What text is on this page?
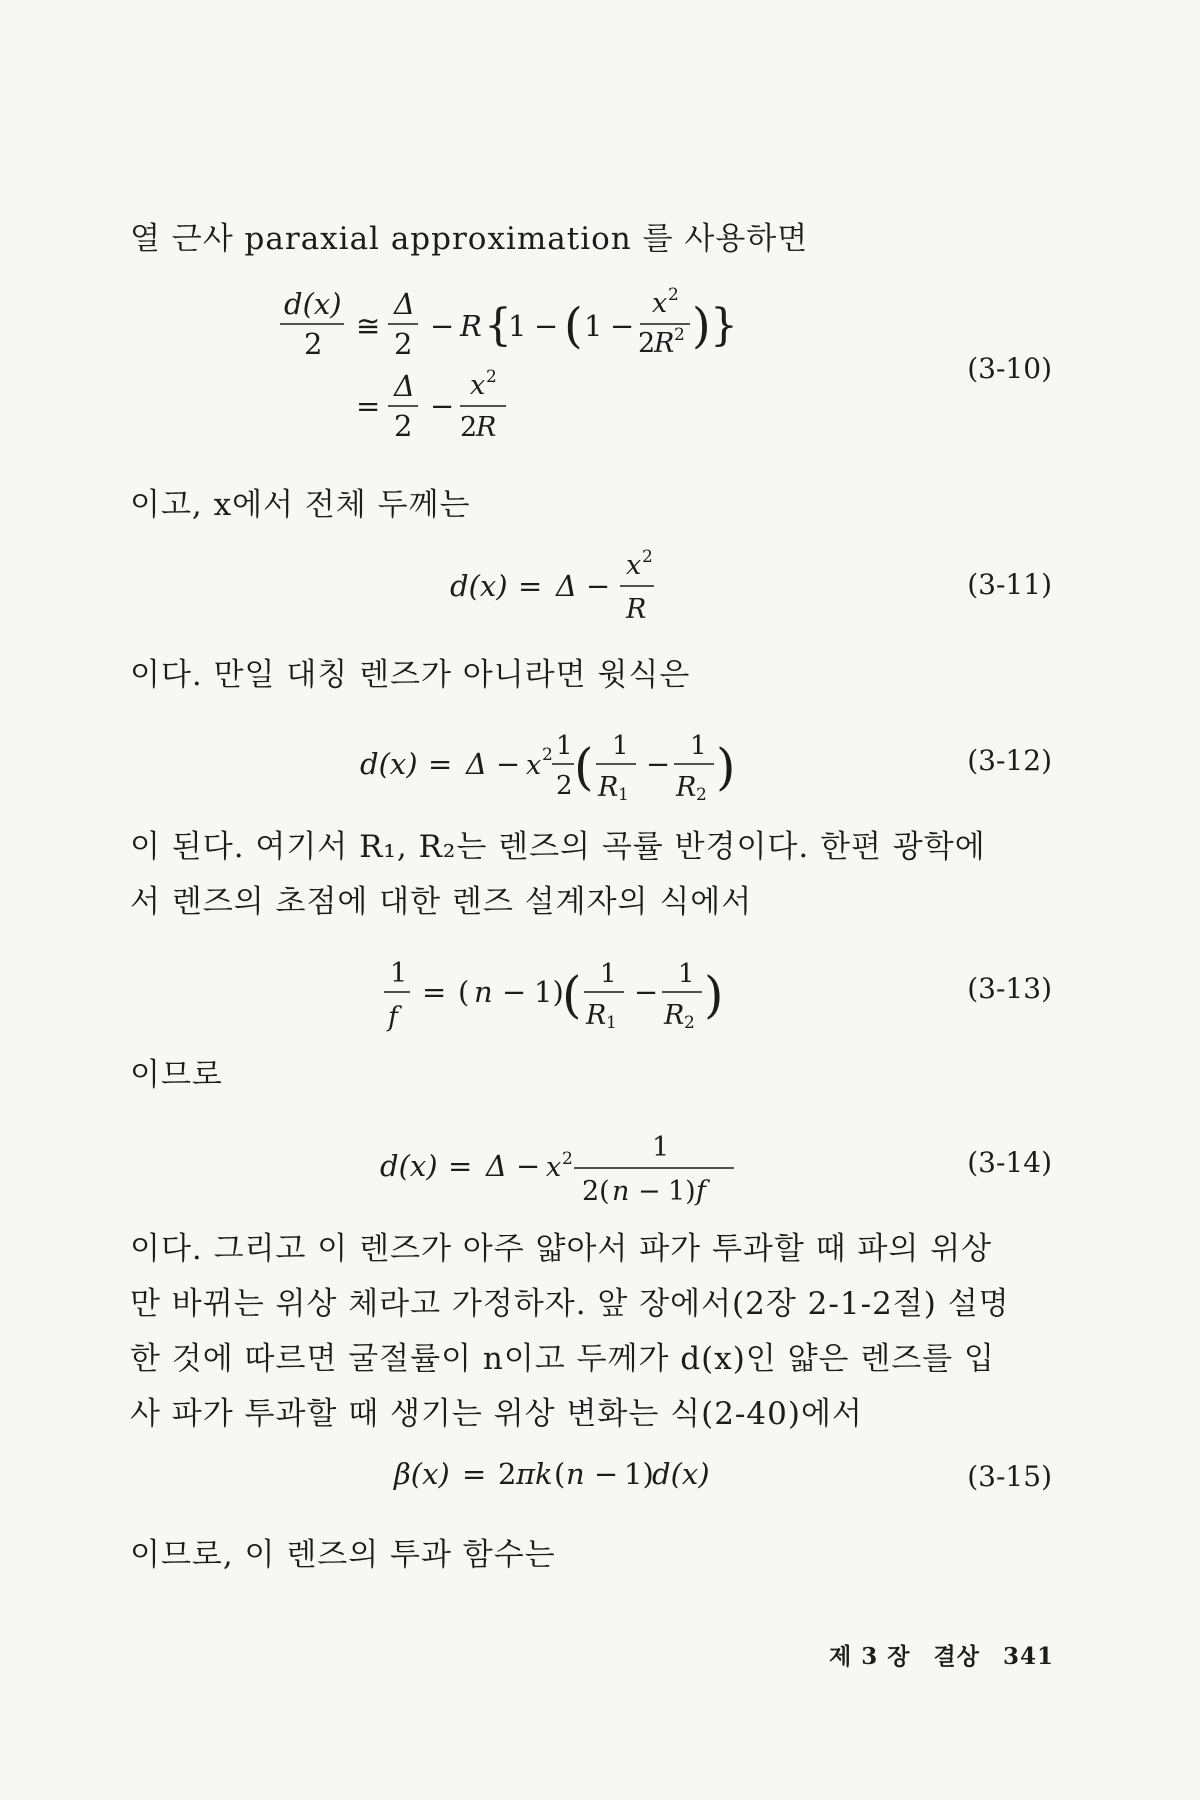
열 근사 paraxial approximation 를 사용하면

d(x)
2
≅
Δ
2
− R {
1 − ( 1 −
x 2
2
R 2 ) }
=
Δ
2
−
x 2
2
R
(3-10)

이고, x에서 전체 두께는

d(x) = Δ −
x 2
R
(3-11)

이다. 만일 대칭 렌즈가 아니라면 윗식은

d(x) = Δ − x 2 1
2 ( 1
R 1
−
1
R 2 )	(3-12)

이 된다. 여기서 R₁, R₂는 렌즈의 곡률 반경이다. 한편 광학에

서 렌즈의 초점에 대한 렌즈 설계자의 식에서

1
f
= ( n − 1)
( 1
R 1
−
1
R 2 )	(3-13)

이므로

d(x) = Δ − x 2	1
2( n − 1) f
(3-14)

이다. 그리고 이 렌즈가 아주 얇아서 파가 투과할 때 파의 위상

만 바뀌는 위상 체라고 가정하자. 앞 장에서(2장 2-1-2절) 설명

한 것에 따르면 굴절률이 n이고 두께가 d(x)인 얇은 렌즈를 입

사 파가 투과할 때 생기는 위상 변화는 식(2-40)에서

β(x) = 2 πk ( n − 1)
d(x)	(3-15)

이므로, 이 렌즈의 투과 함수는

제 3 장 결상 341
